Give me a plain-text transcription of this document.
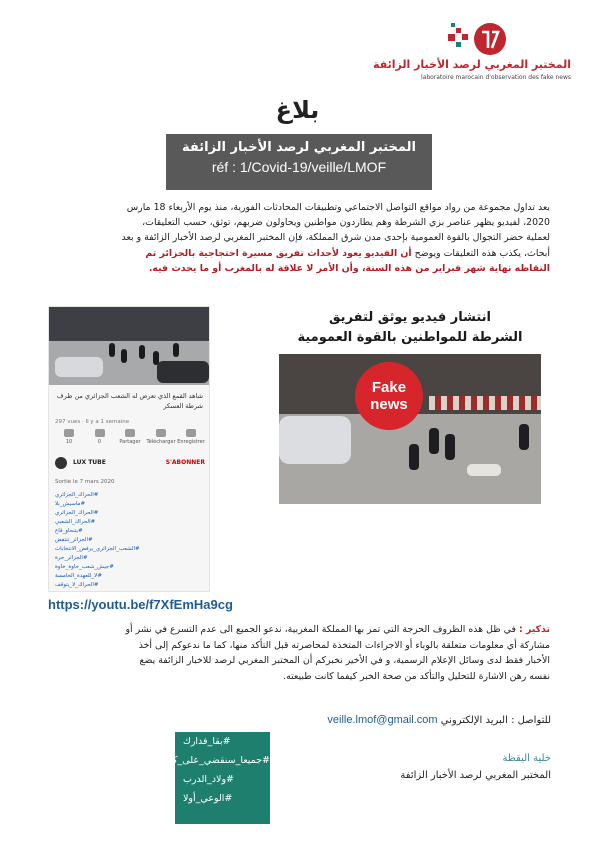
المختبر المغربي لرصد الأخبار الزائفة
laboratoire marocain d'observation des fake news
بلاغ
المختبر المغربي لرصد الأخبار الزائفة
réf : 1/Covid-19/veille/LMOF
بعد تداول مجموعة من رواد مواقع التواصل الاجتماعي وتطبيقات المحادثات الفورية، منذ يوم الأربعاء 18 مارس
2020، لفيديو يظهر عناصر بزي الشرطة وهم يطاردون مواطنين ويحاولون ضربهم، توثق، حسب التعليقات،
لعملية حضر التجوال بالقوة العمومية بإحدى مدن شرق المملكة، فإن المختبر المغربي لرصد الأخبار الزائفة و بعد
أبحاث، يكذب هذه التعليقات ويوضح أن الفيديو يعود لأحداث تفريق مسيرة احتجاجية بالجزائر تم
التقاطه نهاية شهر فبراير من هذه السنة، وأن الأمر لا علاقة له بالمغرب أو ما يحدث فيه.
شاهد القمع الذي تعرض له الشعب الجزائري من طرف شرطة العسكر
297 vues · Il y a 1 semaine
10	0	Partager	Télécharger Enregistrer
LUX TUBE	S'ABONNER
Sortie le 7 mars 2020
#الحراك_الجزائري
#ماسيش_بلا
#الحراك_الجزائري
#الحراك_الشعبي
#يتنحاو_قاع
#الجزائر_تنتفض
#الشعب_الجزائري_يرفض_الانتخابات
#الجزائر_حرة
#جيش_شعب_خاوة_خاوة
#لا_للعهدة_الخامسة
#الحراك_لا_يتوقف
انتشار فيديو يوثق لتفريق
الشرطة للمواطنين بالقوة العمومية
Fake
news
https://youtu.be/f7XfEmHa9cg
تذكير : في ظل هذه الظروف الحرجة التي تمر بها المملكة المغربية، ندعو الجميع الى عدم التسرع في نشر أو
مشاركة أي معلومات متعلقة بالوباء أو الاجراءات المتخذة لمحاصرته قبل التأكد منها، كما ما ندعوكم إلى أخذ
الأخبار فقط لدى وسائل الإعلام الرسمية، و في الأخير نخبركم أن المختبر المغربي لرصد للاخبار الزائفة يضع
نفسه رهن الاشارة للتحليل والتأكد من صحة الخبر كيفما كانت طبيعته.
للتواصل : البريد الإلكتروني veille.lmof@gmail.com
#بقا_فدارك
#جميعا_سنقضي_على_كورونا
#ولاد_الدرب
#الوعي_أولا
خلية اليقظة
المختبر المغربي لرصد الأخبار الزائفة
